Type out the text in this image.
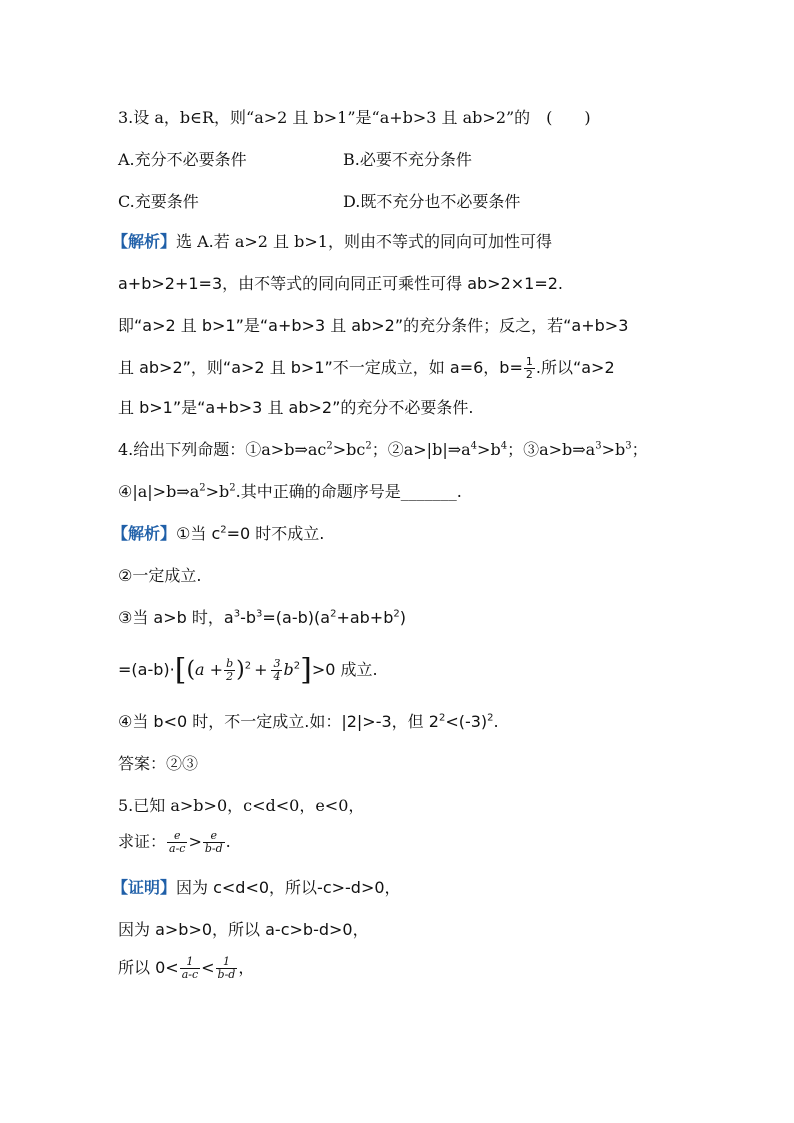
3.设 a，b∈R，则“a>2 且 b>1”是“a+b>3 且 ab>2”的　(　　)
A.充分不必要条件	B.必要不充分条件
C.充要条件	D.既不充分也不必要条件
【解析】选 A.若 a>2 且 b>1，则由不等式的同向可加性可得
a+b>2+1=3，由不等式的同向同正可乘性可得 ab>2×1=2.
即“a>2 且 b>1”是“a+b>3 且 ab>2”的充分条件；反之，若“a+b>3
且 ab>2”，则“a>2 且 b>1”不一定成立，如 a=6，$b= \frac{1}{2}$ .所以“a>2
且 b>1”是“a+b>3 且 ab>2”的充分不必要条件.
4.给出下列命题：$①a>b\Rightarrow ac^2>bc^2$；$②a>|b|\Rightarrow a^4>b^4$；$③a>b\Rightarrow a^3>b^3$；
$④|a|>b\Rightarrow a^2>b^2$.其中正确的命题序号是_______.
【解析】①当 $c^2=0$ 时不成立.
②一定成立.
③当 a>b 时，$a^3-b^3=(a-b)(a^2+ab+b^2)$
$=(a-b)\cdot[(a + \frac{b}{2} )^2 + \frac{3}{4} b^2]>0$ 成立.
④当 b<0 时，不一定成立.如：|2|>-3，但 $2^2<(-3)^2$.
答案：②③
5.已知 a>b>0，c<d<0，e<0，
求证： $\frac{e}{a-c} > \frac{e}{b-d}$ .
【证明】因为 c<d<0，所以-c>-d>0，
因为 a>b>0，所以 a-c>b-d>0，
所以 $0< \frac{1}{a-c} < \frac{1}{b-d}$ ，
